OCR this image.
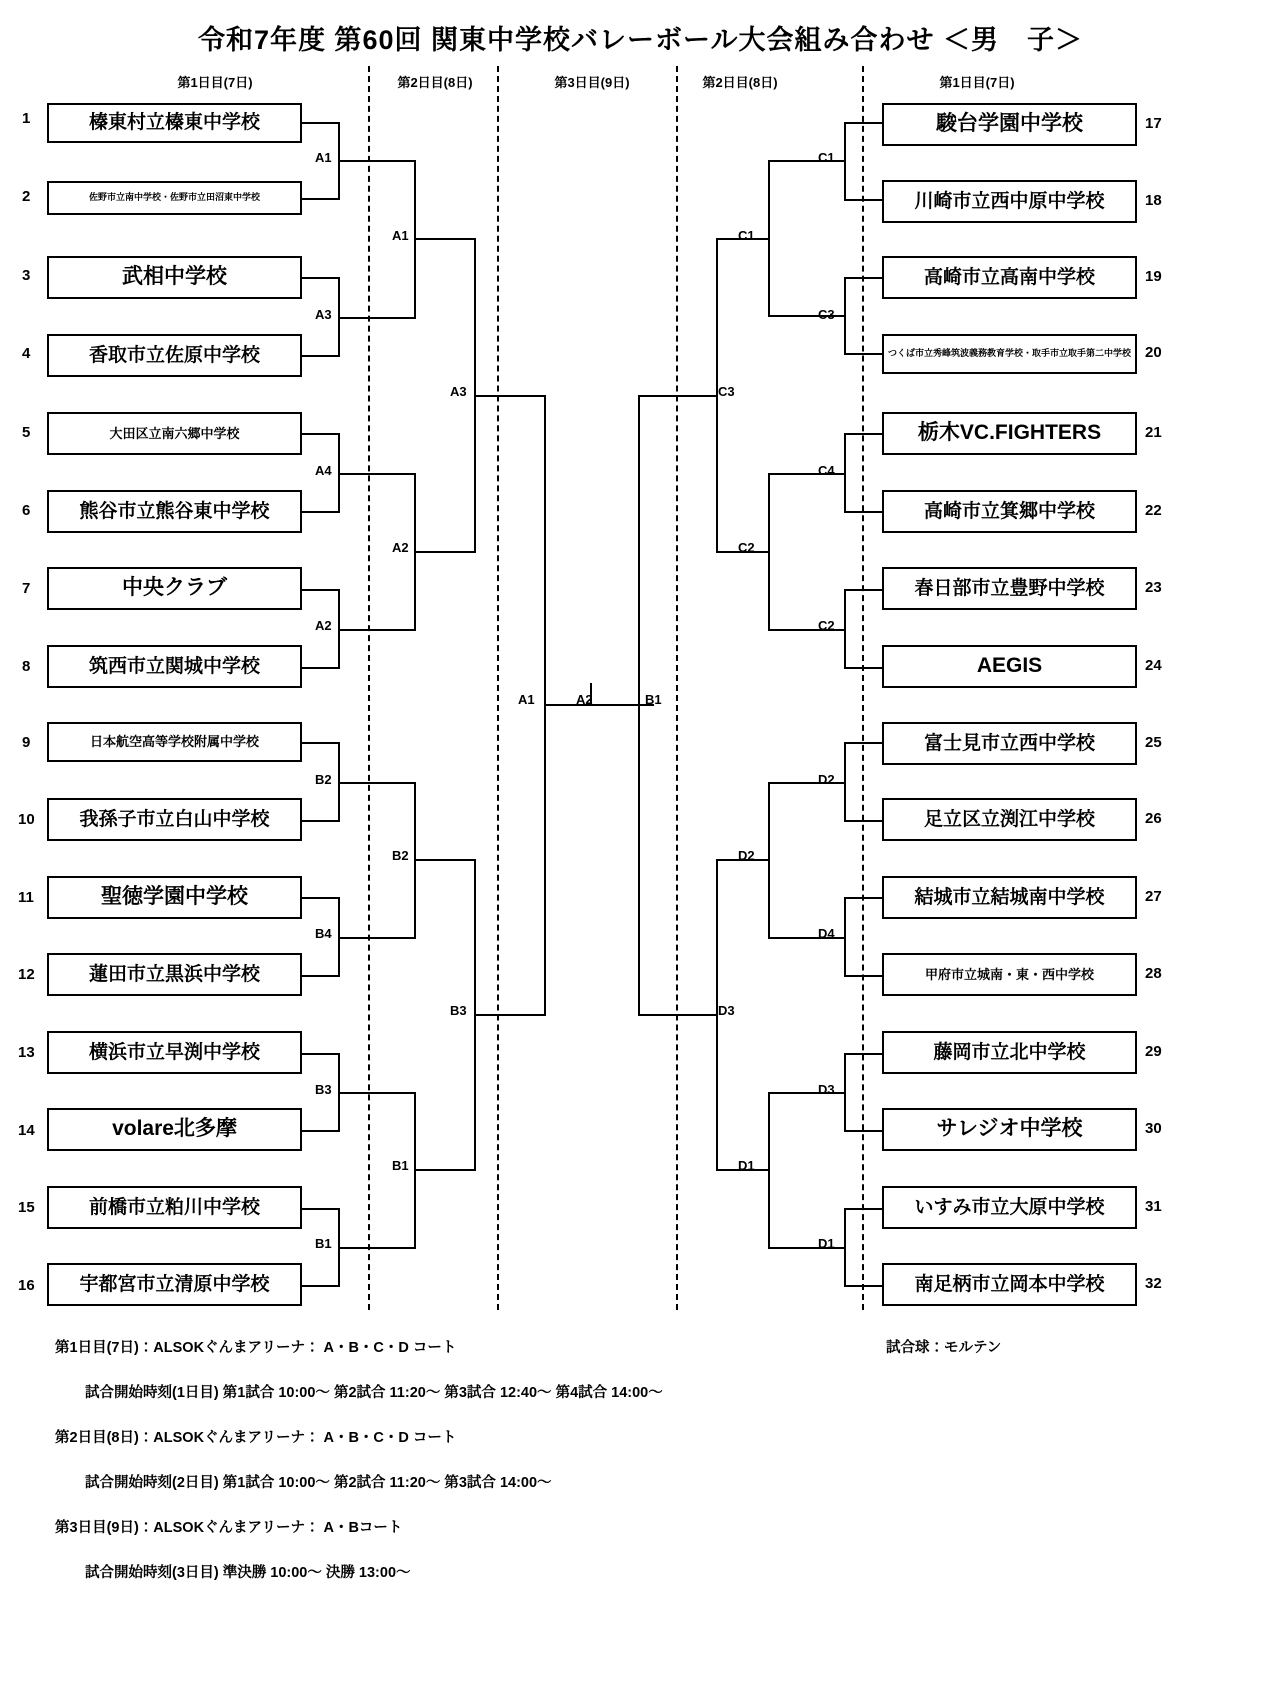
令和7年度 第60回 関東中学校バレーボール大会組み合わせ ＜男　子＞
第1日目(7日)	第2日目(8日)	第3日目(9日)	第2日目(8日)	第1日目(7日)
1	榛東村立榛東中学校
2	佐野市立南中学校・佐野市立田沼東中学校
3	武相中学校
4	香取市立佐原中学校
5	大田区立南六郷中学校
6	熊谷市立熊谷東中学校
7	中央クラブ
8	筑西市立関城中学校
9	日本航空高等学校附属中学校
10	我孫子市立白山中学校
11	聖徳学園中学校
12	蓮田市立黒浜中学校
13	横浜市立早渕中学校
14	volare北多摩
15	前橋市立粕川中学校
16	宇都宮市立清原中学校
駿台学園中学校	17
川崎市立西中原中学校	18
高崎市立高南中学校	19
つくば市立秀峰筑波義務教育学校・取手市立取手第二中学校 20
栃木VC.FIGHTERS	21
高崎市立箕郷中学校	22
春日部市立豊野中学校	23
AEGIS	24
富士見市立西中学校	25
足立区立渕江中学校	26
結城市立結城南中学校	27
甲府市立城南・東・西中学校	28
藤岡市立北中学校	29
サレジオ中学校	30
いすみ市立大原中学校	31
南足柄市立岡本中学校	32
A1
A1
A3
A3
A4
A2
A2
A1
B2
B2
B4
B3
B3
B1
B1
A2	B1
C1
C1
C3
C3
C4
C2
C2
D2
D2
D4
D3
D3
D1
D1
試合球：モルテン
第1日目(7日)：ALSOKぐんまアリーナ： A・B・C・D コート
試合開始時刻(1日目) 第1試合 10:00～ 第2試合 11:20～ 第3試合 12:40～ 第4試合 14:00～
第2日目(8日)：ALSOKぐんまアリーナ： A・B・C・D コート
試合開始時刻(2日目) 第1試合 10:00～ 第2試合 11:20～ 第3試合 14:00～
第3日目(9日)：ALSOKぐんまアリーナ： A・Bコート
試合開始時刻(3日目) 準決勝 10:00～ 決勝 13:00～
